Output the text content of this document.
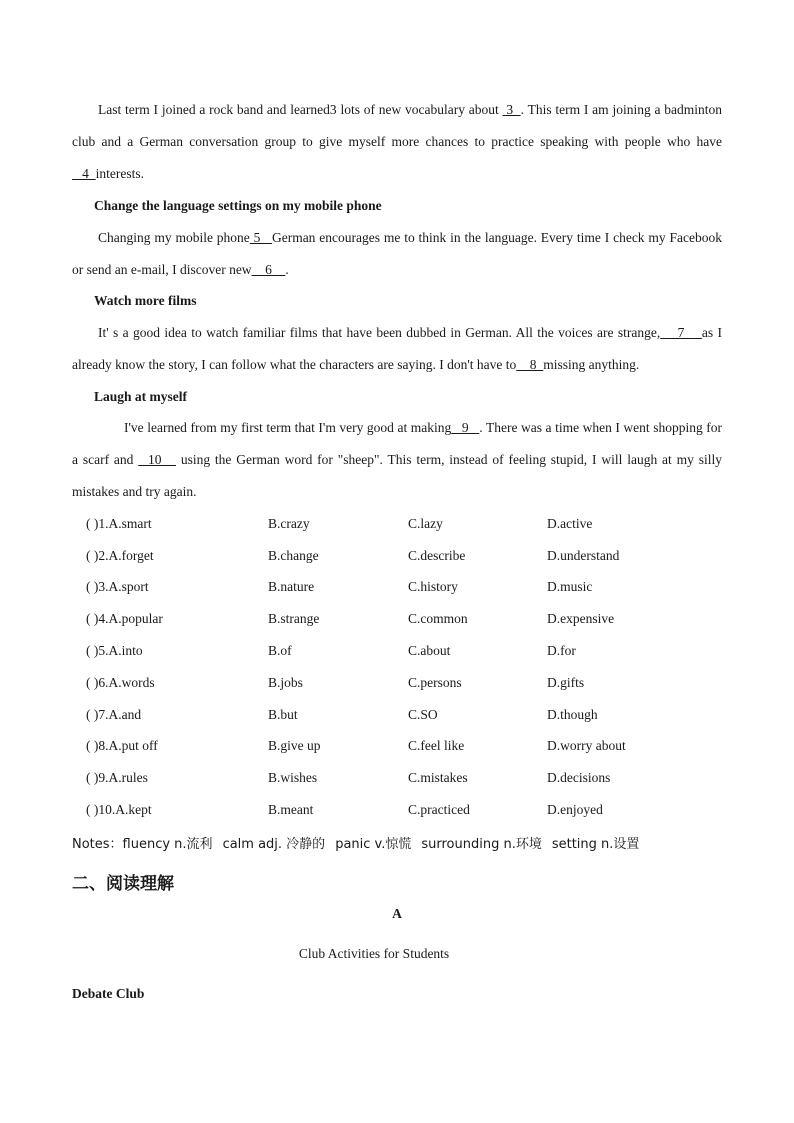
Last term I joined a rock band and learned3 lots of new vocabulary about  3  . This term I am joining a badminton club and a German conversation group to give myself more chances to practice speaking with people who have    4  interests.
Change the language settings on my mobile phone
Changing my mobile phone 5   German encourages me to think in the language. Every time I check my Facebook or send an e-mail, I discover new    6    .
Watch more films
It' s a good idea to watch familiar films that have been dubbed in German. All the voices are strange,    7    as I already know the story, I can follow what the characters are saying. I don't have to    8  missing anything.
Laugh at myself
I've learned from my first term that I'm very good at making   9   . There was a time when I went shopping for a scarf and   10    using the German word for "sheep". This term, instead of feeling stupid, I will laugh at my silly mistakes and try again.
( )1.A.smart	B.crazy	C.lazy	D.active
( )2.A.forget	B.change	C.describe	D.understand
( )3.A.sport	B.nature	C.history	D.music
( )4.A.popular	B.strange	C.common	D.expensive
( )5.A.into	B.of	C.about	D.for
( )6.A.words	B.jobs	C.persons	D.gifts
( )7.A.and	B.but	C.SO	D.though
( )8.A.put off	B.give up	C.feel like	D.worry about
( )9.A.rules	B.wishes	C.mistakes	D.decisions
( )10.A.kept	B.meant	C.practiced	D.enjoyed
Notes：fluency n.流利 calm adj. 冷静的 panic v.惊慌 surrounding n.环境 setting n.设置
二、阅读理解
A
Club Activities for Students
Debate Club
